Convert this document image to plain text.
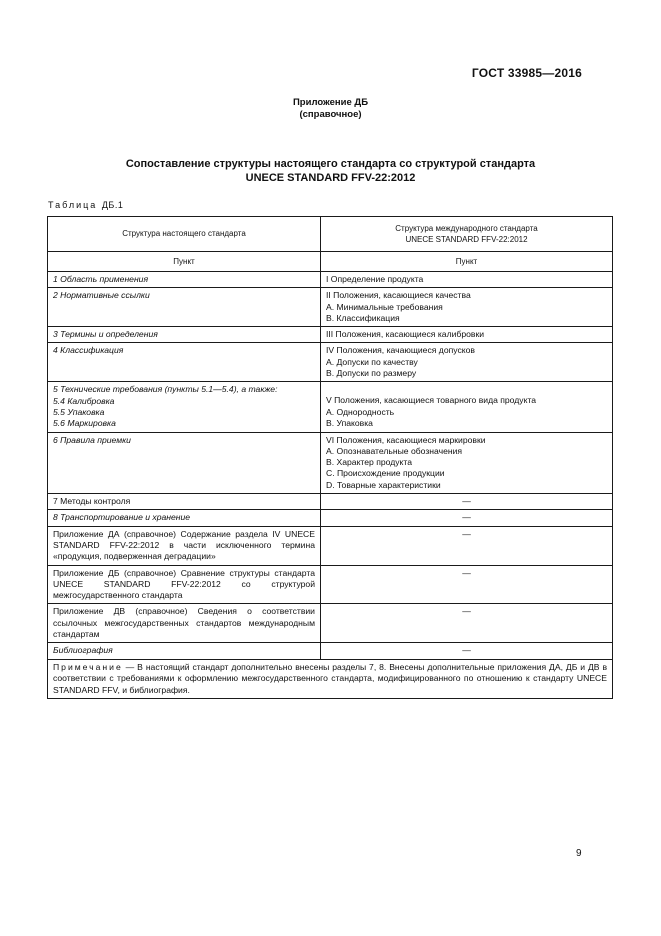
ГОСТ 33985—2016
Приложение ДБ
(справочное)
Сопоставление структуры настоящего стандарта со структурой стандарта
UNECE STANDARD FFV-22:2012
Таблица ДБ.1
Структура настоящего стандарта	Структура международного стандарта
UNECE STANDARD FFV-22:2012

Пункт	Пункт

1 Область применения	I Определение продукта

2 Нормативные ссылки	II Положения, касающиеся качества
A. Минимальные требования
B. Классификация

3 Термины и определения	III Положения, касающиеся калибровки

4 Классификация	IV Положения, качающиеся допусков
A. Допуски по качеству
B. Допуски по размеру

5 Технические требования (пункты 5.1—5.4), а также:
5.4 Калибровка
5.5 Упаковка
5.6 Маркировка	V Положения, касающиеся товарного вида продукта
A. Однородность
B. Упаковка

6 Правила приемки	VI Положения, касающиеся маркировки
A. Опознавательные обозначения
B. Характер продукта
C. Происхождение продукции
D. Товарные характеристики

7 Методы контроля	—

8 Транспортирование и хранение	—

Приложение ДА (справочное) Содержание раздела IV UNECE STANDARD FFV-22:2012 в части исключенного термина «продукция, подверженная деградации»	—

Приложение ДБ (справочное) Сравнение структуры стандарта UNECE STANDARD FFV-22:2012 со структурой межгосударственного стандарта	—

Приложение ДВ (справочное) Сведения о соответствии ссылочных межгосударственных стандартов международным стандартам	—

Библиография	—

Примечание — В настоящий стандарт дополнительно внесены разделы 7, 8. Внесены дополнительные приложения ДА, ДБ и ДВ в соответствии с требованиями к оформлению межгосударственного стандарта, модифицированного по отношению к стандарту UNECE STANDARD FFV, и библиография.	
9
